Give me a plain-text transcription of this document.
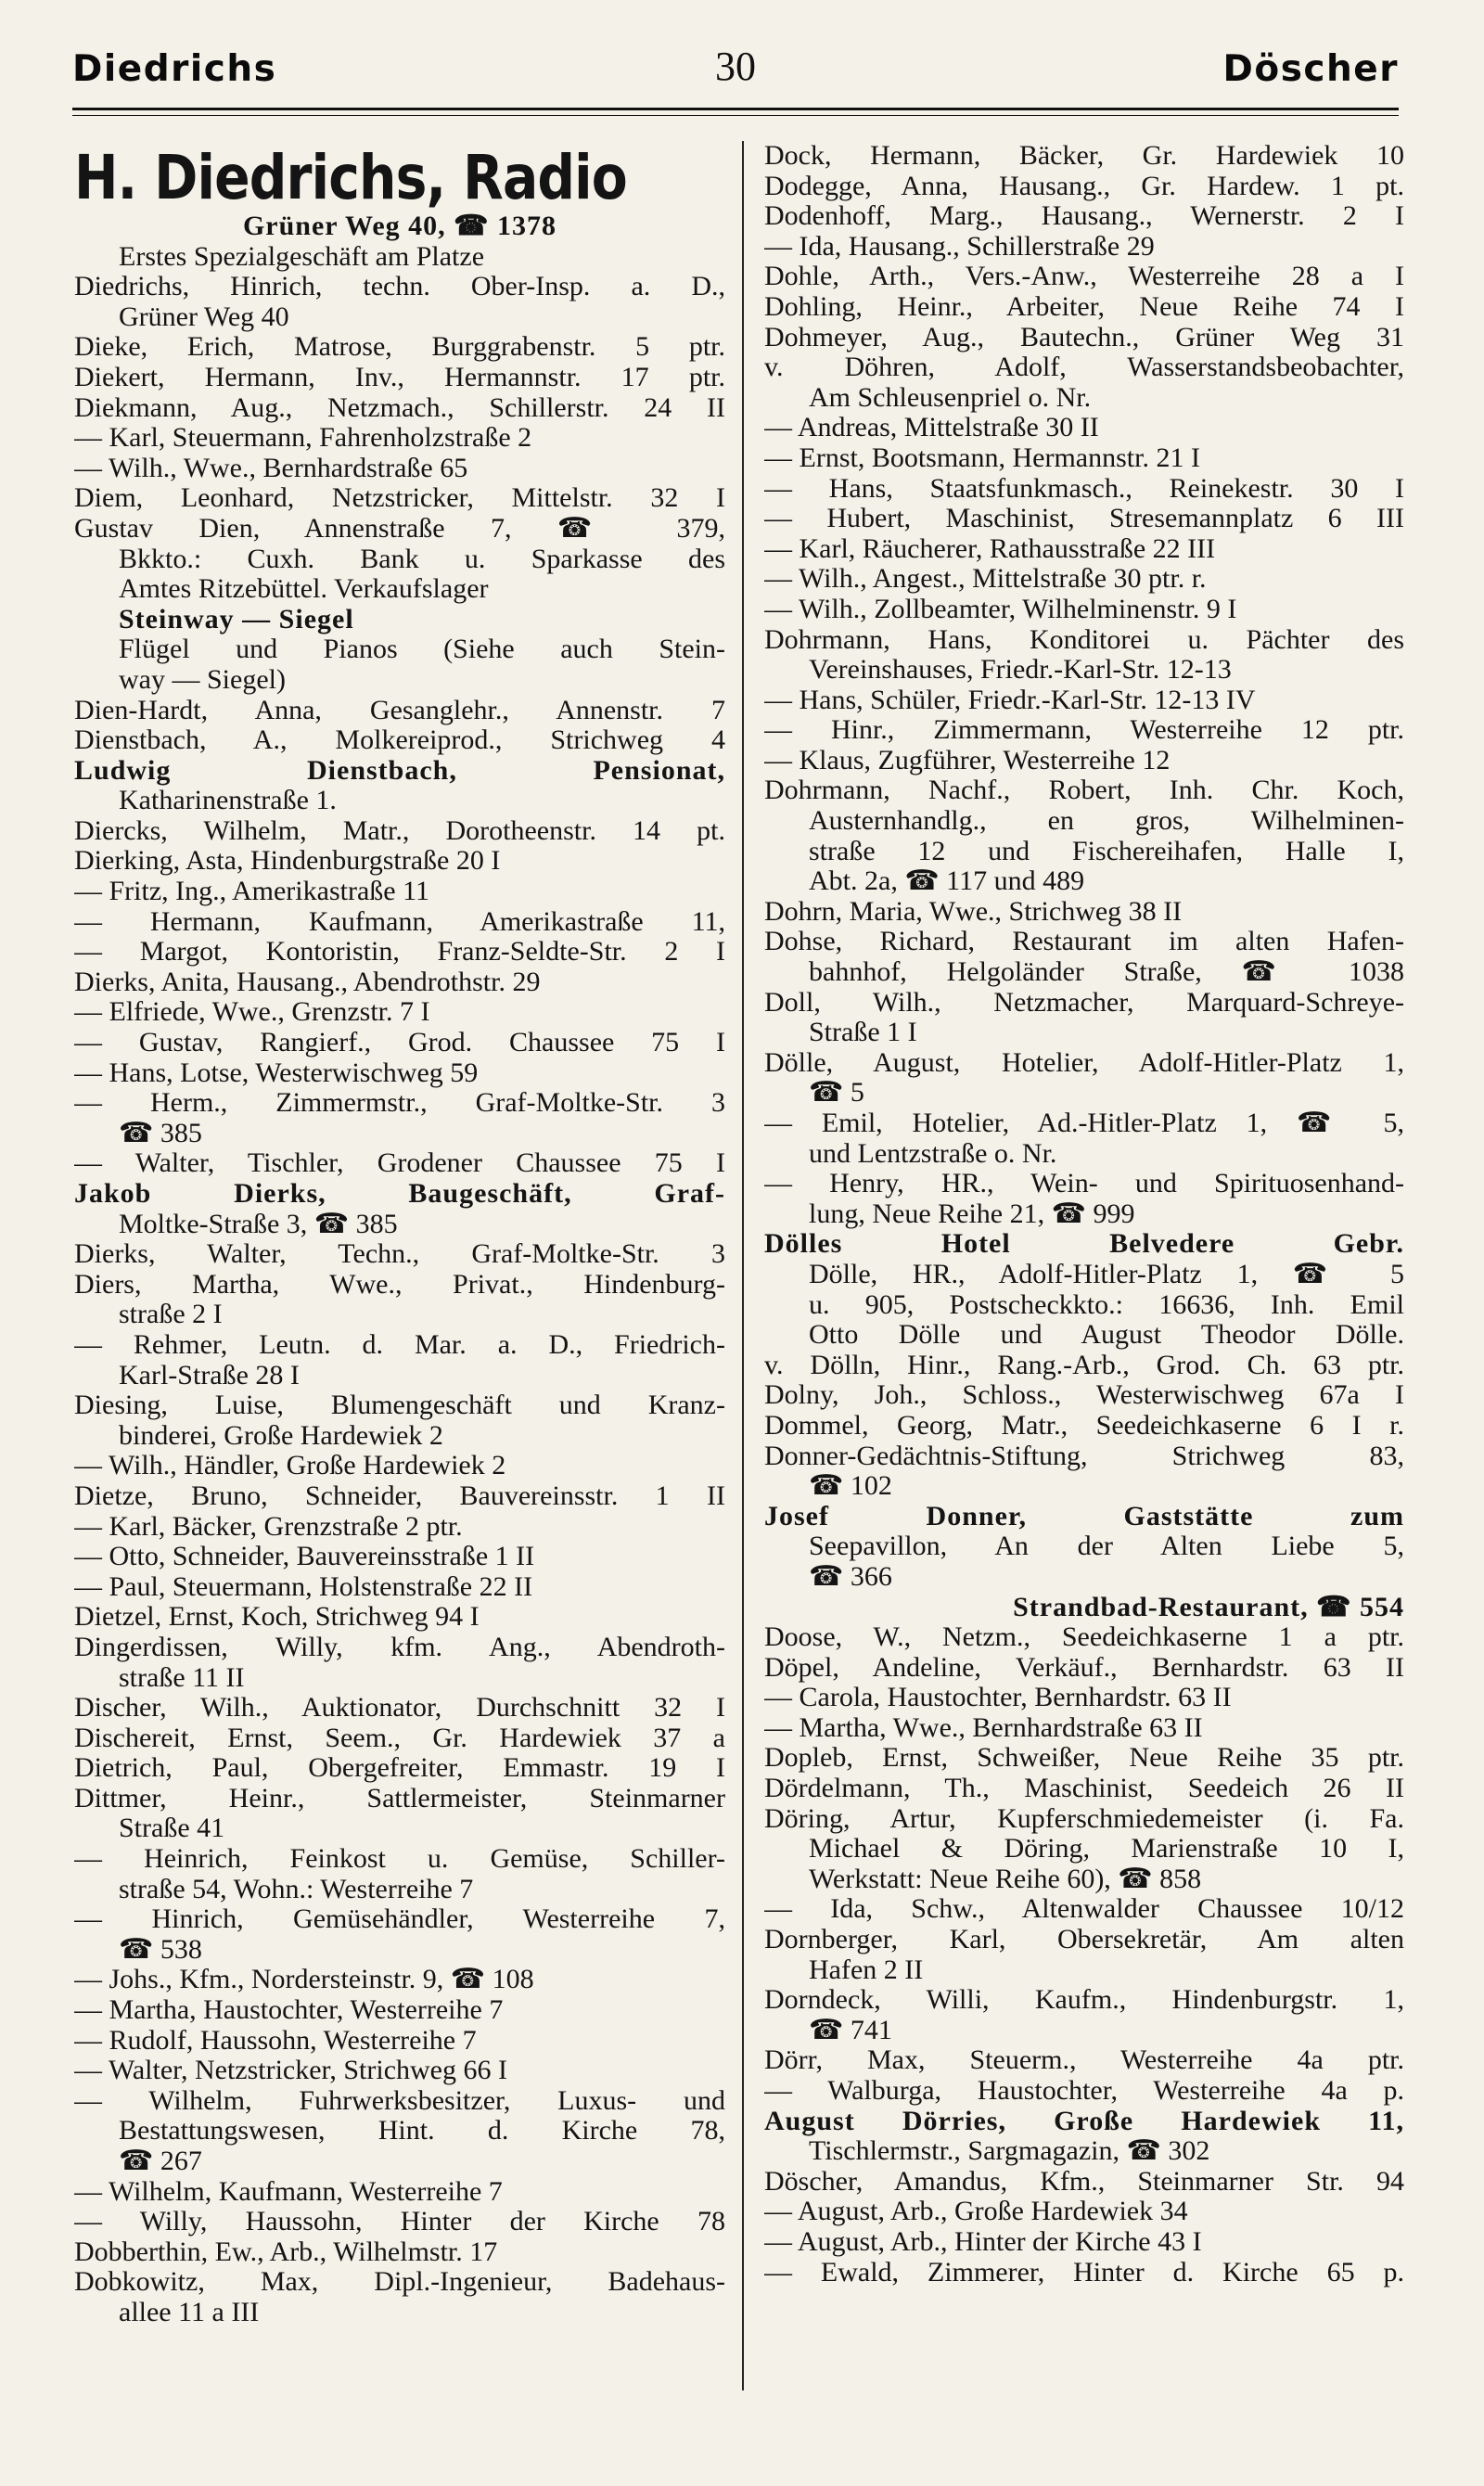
Diedrichs	30	Döscher
H. Diedrichs, Radio
Grüner Weg 40, ☎ 1378
Erstes Spezialgeschäft am Platze
Diedrichs, Hinrich, techn. Ober-Insp. a. D.,
Grüner Weg 40
Dieke, Erich, Matrose, Burggrabenstr. 5 ptr.
Diekert, Hermann, Inv., Hermannstr. 17 ptr.
Diekmann, Aug., Netzmach., Schillerstr. 24 II
— Karl, Steuermann, Fahrenholzstraße 2
— Wilh., Wwe., Bernhardstraße 65
Diem, Leonhard, Netzstricker, Mittelstr. 32 I
Gustav Dien, Annenstraße 7, ☎ 379,
Bkkto.: Cuxh. Bank u. Sparkasse des
Amtes Ritzebüttel. Verkaufslager
Steinway — Siegel
Flügel und Pianos (Siehe auch Stein-
way — Siegel)
Dien-Hardt, Anna, Gesanglehr., Annenstr. 7
Dienstbach, A., Molkereiprod., Strichweg 4
Ludwig Dienstbach, Pensionat,
Katharinenstraße 1.
Diercks, Wilhelm, Matr., Dorotheenstr. 14 pt.
Dierking, Asta, Hindenburgstraße 20 I
— Fritz, Ing., Amerikastraße 11
— Hermann, Kaufmann, Amerikastraße 11,
— Margot, Kontoristin, Franz-Seldte-Str. 2 I
Dierks, Anita, Hausang., Abendrothstr. 29
— Elfriede, Wwe., Grenzstr. 7 I
— Gustav, Rangierf., Grod. Chaussee 75 I
— Hans, Lotse, Westerwischweg 59
— Herm., Zimmermstr., Graf-Moltke-Str. 3
☎ 385
— Walter, Tischler, Grodener Chaussee 75 I
Jakob Dierks, Baugeschäft, Graf-
Moltke-Straße 3, ☎ 385
Dierks, Walter, Techn., Graf-Moltke-Str. 3
Diers, Martha, Wwe., Privat., Hindenburg-
straße 2 I
— Rehmer, Leutn. d. Mar. a. D., Friedrich-
Karl-Straße 28 I
Diesing, Luise, Blumengeschäft und Kranz-
binderei, Große Hardewiek 2
— Wilh., Händler, Große Hardewiek 2
Dietze, Bruno, Schneider, Bauvereinsstr. 1 II
— Karl, Bäcker, Grenzstraße 2 ptr.
— Otto, Schneider, Bauvereinsstraße 1 II
— Paul, Steuermann, Holstenstraße 22 II
Dietzel, Ernst, Koch, Strichweg 94 I
Dingerdissen, Willy, kfm. Ang., Abendroth-
straße 11 II
Discher, Wilh., Auktionator, Durchschnitt 32 I
Dischereit, Ernst, Seem., Gr. Hardewiek 37 a
Dietrich, Paul, Obergefreiter, Emmastr. 19 I
Dittmer, Heinr., Sattlermeister, Steinmarner
Straße 41
— Heinrich, Feinkost u. Gemüse, Schiller-
straße 54, Wohn.: Westerreihe 7
— Hinrich, Gemüsehändler, Westerreihe 7,
☎ 538
— Johs., Kfm., Nordersteinstr. 9, ☎ 108
— Martha, Haustochter, Westerreihe 7
— Rudolf, Haussohn, Westerreihe 7
— Walter, Netzstricker, Strichweg 66 I
— Wilhelm, Fuhrwerksbesitzer, Luxus- und
Bestattungswesen, Hint. d. Kirche 78,
☎ 267
— Wilhelm, Kaufmann, Westerreihe 7
— Willy, Haussohn, Hinter der Kirche 78
Dobberthin, Ew., Arb., Wilhelmstr. 17
Dobkowitz, Max, Dipl.-Ingenieur, Badehaus-
allee 11 a III
Dock, Hermann, Bäcker, Gr. Hardewiek 10
Dodegge, Anna, Hausang., Gr. Hardew. 1 pt.
Dodenhoff, Marg., Hausang., Wernerstr. 2 I
— Ida, Hausang., Schillerstraße 29
Dohle, Arth., Vers.-Anw., Westerreihe 28 a I
Dohling, Heinr., Arbeiter, Neue Reihe 74 I
Dohmeyer, Aug., Bautechn., Grüner Weg 31
v. Döhren, Adolf, Wasserstandsbeobachter,
Am Schleusenpriel o. Nr.
— Andreas, Mittelstraße 30 II
— Ernst, Bootsmann, Hermannstr. 21 I
— Hans, Staatsfunkmasch., Reinekestr. 30 I
— Hubert, Maschinist, Stresemannplatz 6 III
— Karl, Räucherer, Rathausstraße 22 III
— Wilh., Angest., Mittelstraße 30 ptr. r.
— Wilh., Zollbeamter, Wilhelminenstr. 9 I
Dohrmann, Hans, Konditorei u. Pächter des
Vereinshauses, Friedr.-Karl-Str. 12-13
— Hans, Schüler, Friedr.-Karl-Str. 12-13 IV
— Hinr., Zimmermann, Westerreihe 12 ptr.
— Klaus, Zugführer, Westerreihe 12
Dohrmann, Nachf., Robert, Inh. Chr. Koch,
Austernhandlg., en gros, Wilhelminen-
straße 12 und Fischereihafen, Halle I,
Abt. 2a, ☎ 117 und 489
Dohrn, Maria, Wwe., Strichweg 38 II
Dohse, Richard, Restaurant im alten Hafen-
bahnhof, Helgoländer Straße, ☎ 1038
Doll, Wilh., Netzmacher, Marquard-Schreye-
Straße 1 I
Dölle, August, Hotelier, Adolf-Hitler-Platz 1,
☎ 5
— Emil, Hotelier, Ad.-Hitler-Platz 1, ☎ 5,
und Lentzstraße o. Nr.
— Henry, HR., Wein- und Spirituosenhand-
lung, Neue Reihe 21, ☎ 999
Dölles Hotel Belvedere Gebr.
Dölle, HR., Adolf-Hitler-Platz 1, ☎ 5
u. 905, Postscheckkto.: 16636, Inh. Emil
Otto Dölle und August Theodor Dölle.
v. Dölln, Hinr., Rang.-Arb., Grod. Ch. 63 ptr.
Dolny, Joh., Schloss., Westerwischweg 67a I
Dommel, Georg, Matr., Seedeichkaserne 6 I r.
Donner-Gedächtnis-Stiftung, Strichweg 83,
☎ 102
Josef Donner, Gaststätte zum
Seepavillon, An der Alten Liebe 5,
☎ 366
Strandbad-Restaurant, ☎ 554
Doose, W., Netzm., Seedeichkaserne 1 a ptr.
Döpel, Andeline, Verkäuf., Bernhardstr. 63 II
— Carola, Haustochter, Bernhardstr. 63 II
— Martha, Wwe., Bernhardstraße 63 II
Dopleb, Ernst, Schweißer, Neue Reihe 35 ptr.
Dördelmann, Th., Maschinist, Seedeich 26 II
Döring, Artur, Kupferschmiedemeister (i. Fa.
Michael & Döring, Marienstraße 10 I,
Werkstatt: Neue Reihe 60), ☎ 858
— Ida, Schw., Altenwalder Chaussee 10/12
Dornberger, Karl, Obersekretär, Am alten
Hafen 2 II
Dorndeck, Willi, Kaufm., Hindenburgstr. 1,
☎ 741
Dörr, Max, Steuerm., Westerreihe 4a ptr.
— Walburga, Haustochter, Westerreihe 4a p.
August Dörries, Große Hardewiek 11,
Tischlermstr., Sargmagazin, ☎ 302
Döscher, Amandus, Kfm., Steinmarner Str. 94
— August, Arb., Große Hardewiek 34
— August, Arb., Hinter der Kirche 43 I
— Ewald, Zimmerer, Hinter d. Kirche 65 p.
